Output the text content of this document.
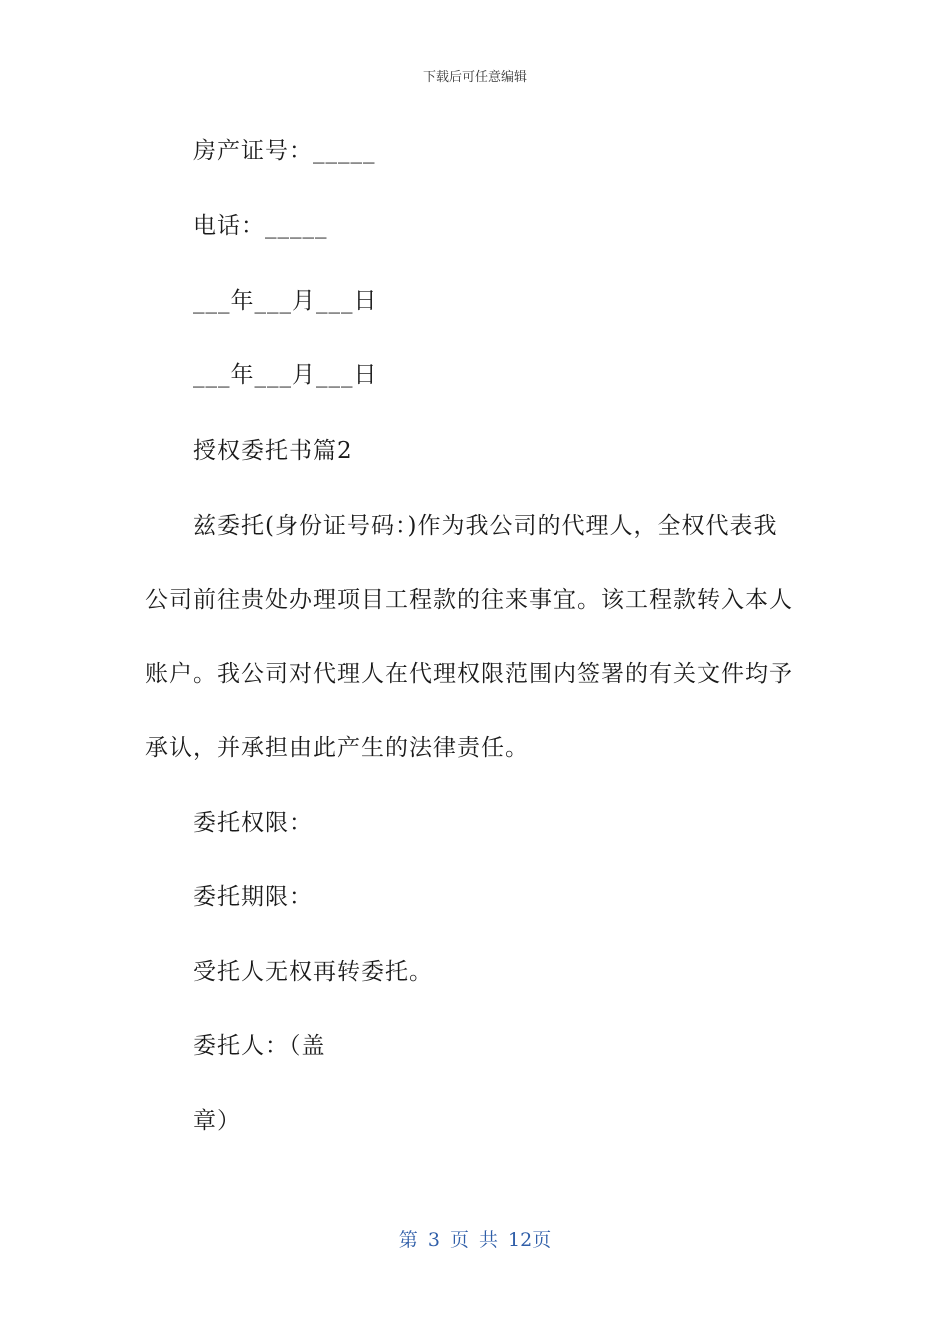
下载后可任意编辑
房产证号：_____
电话：_____
___年___月___日
___年___月___日
授权委托书篇2
兹委托(身份证号码：)作为我公司的代理人，全权代表我
公司前往贵处办理项目工程款的往来事宜。该工程款转入本人
账户。我公司对代理人在代理权限范围内签署的有关文件均予
承认，并承担由此产生的法律责任。
委托权限：
委托期限：
受托人无权再转委托。
委托人：（盖
章）
第 3 页 共 12页
